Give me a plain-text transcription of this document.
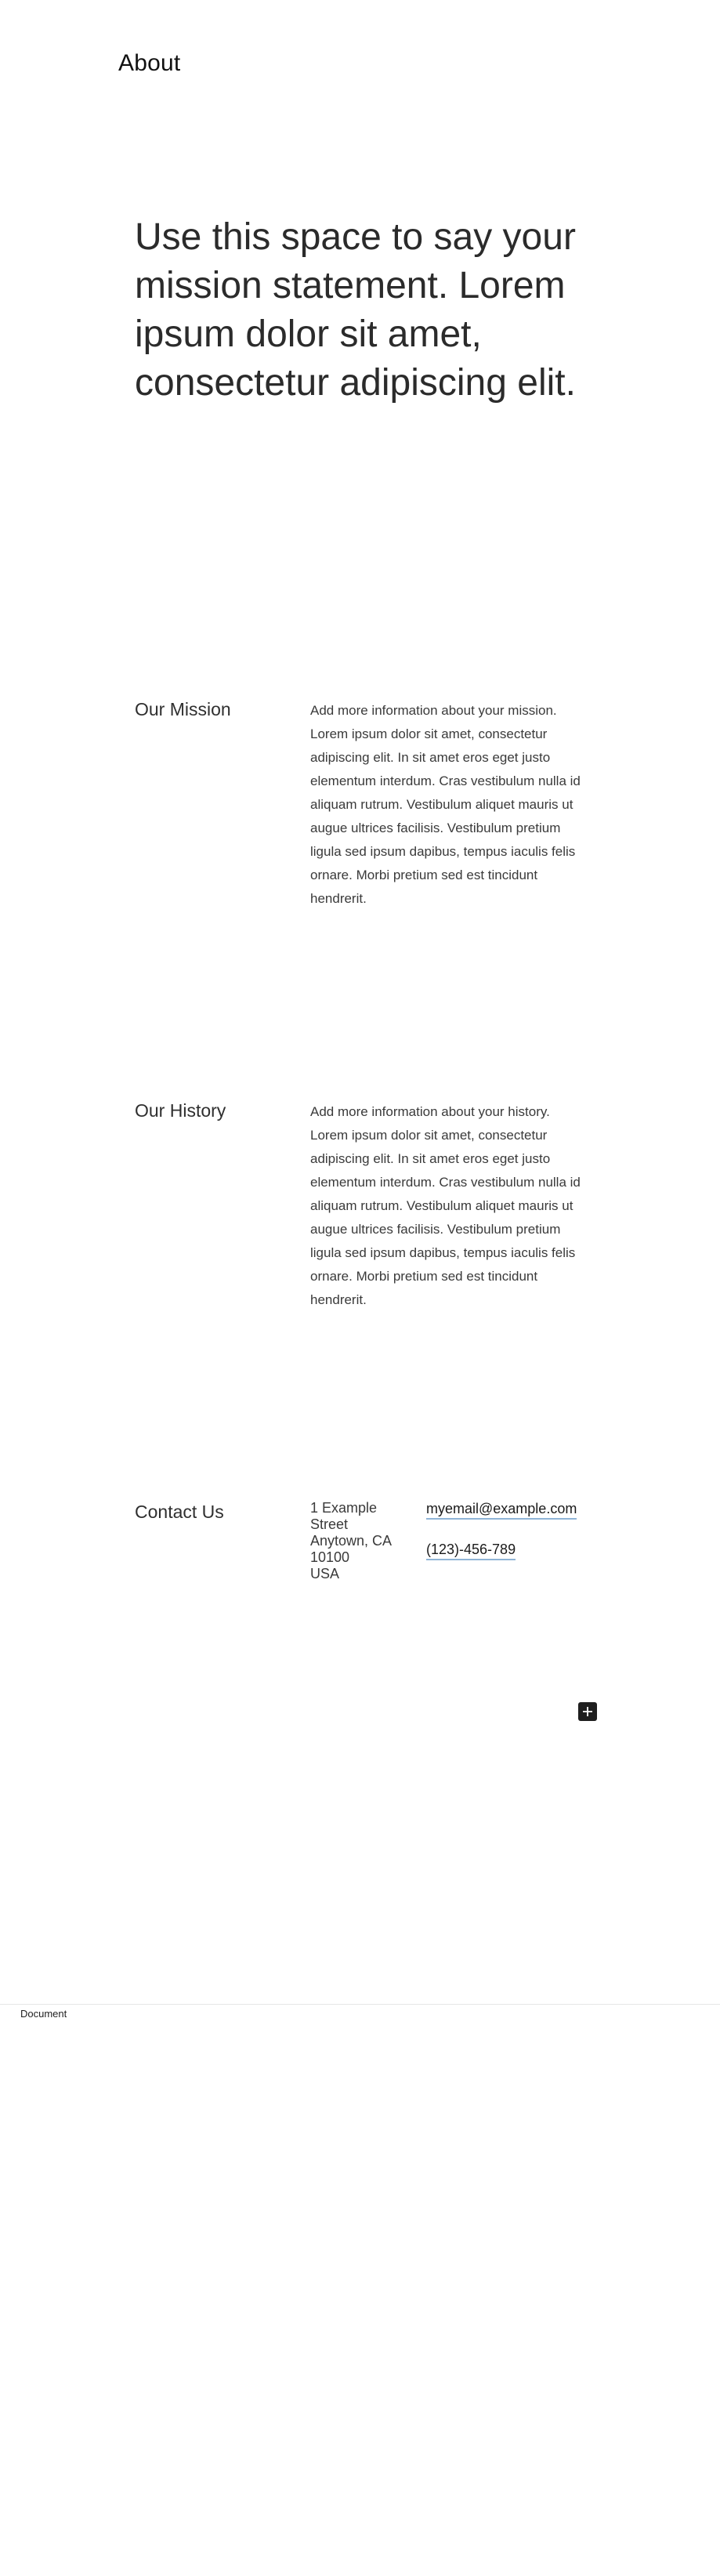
About

Use this space to say your mission statement. Lorem ipsum dolor sit amet, consectetur adipiscing elit.

Our Mission	Add more information about your mission. Lorem ipsum dolor sit amet, consectetur adipiscing elit. In sit amet eros eget justo elementum interdum. Cras vestibulum nulla id aliquam rutrum. Vestibulum aliquet mauris ut augue ultrices facilisis. Vestibulum pretium ligula sed ipsum dapibus, tempus iaculis felis ornare. Morbi pretium sed est tincidunt hendrerit.

Our History	Add more information about your history. Lorem ipsum dolor sit amet, consectetur adipiscing elit. In sit amet eros eget justo elementum interdum. Cras vestibulum nulla id aliquam rutrum. Vestibulum aliquet mauris ut augue ultrices facilisis. Vestibulum pretium ligula sed ipsum dapibus, tempus iaculis felis ornare. Morbi pretium sed est tincidunt hendrerit.

Contact Us	1 Example Street
Anytown, CA 10100
USA
myemail@example.com
(123)-456-789
Document
